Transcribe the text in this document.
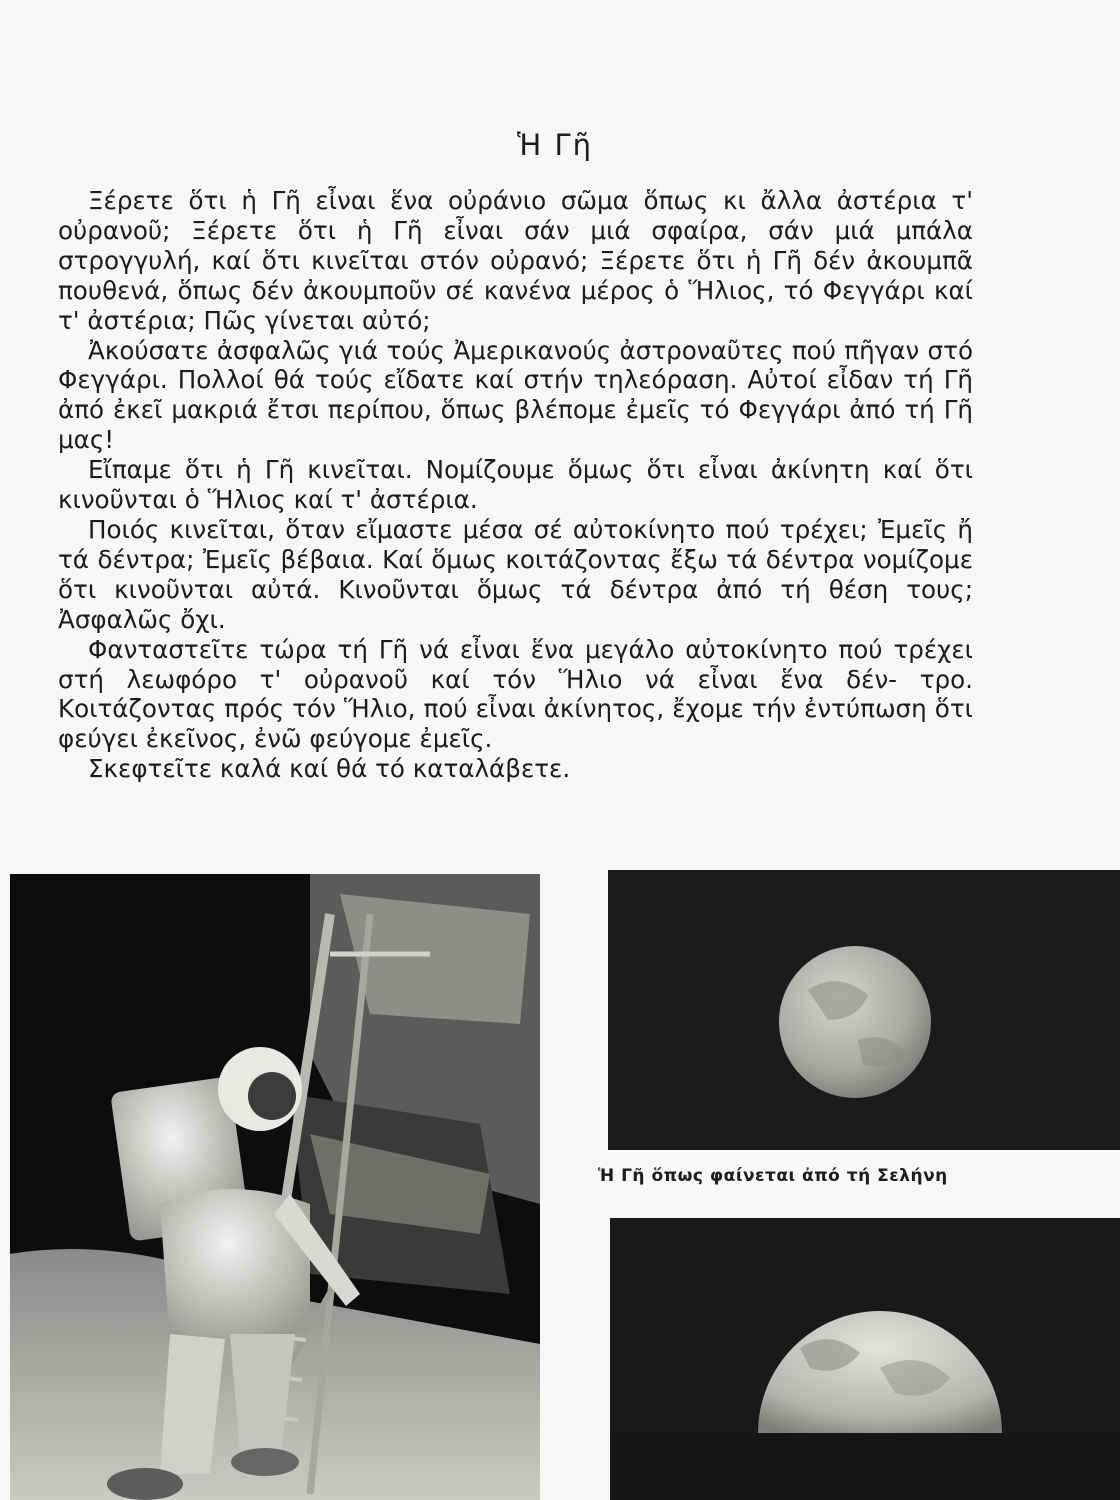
Ἡ Γῆ

Ξέρετε ὅτι ἡ Γῆ εἶναι ἕνα οὐράνιο σῶμα ὅπως κι ἄλλα ἀστέρια τ' οὐρανοῦ; Ξέρετε ὅτι ἡ Γῆ εἶναι σάν μιά σφαίρα, σάν μιά μπάλα στρογγυλή, καί ὅτι κινεῖται στόν οὐρανό; Ξέρετε ὅτι ἡ Γῆ δέν ἀκουμπᾶ πουθενά, ὅπως δέν ἀκουμποῦν σέ κανένα μέρος ὁ Ἥλιος, τό Φεγγάρι καί τ' ἀστέρια; Πῶς γίνεται αὐτό;

Ἀκούσατε ἀσφαλῶς γιά τούς Ἀμερικανούς ἀστροναῦτες πού πῆγαν στό Φεγγάρι. Πολλοί θά τούς εἴδατε καί στήν τηλεόραση. Αὐτοί εἶδαν τή Γῆ ἀπό ἐκεῖ μακριά ἔτσι περίπου, ὅπως βλέπομε ἐμεῖς τό Φεγγάρι ἀπό τή Γῆ μας!

Εἴπαμε ὅτι ἡ Γῆ κινεῖται. Νομίζουμε ὅμως ὅτι εἶναι ἀκίνητη καί ὅτι κινοῦνται ὁ Ἥλιος καί τ' ἀστέρια.

Ποιός κινεῖται, ὅταν εἴμαστε μέσα σέ αὐτοκίνητο πού τρέχει; Ἐμεῖς ἤ τά δέντρα; Ἐμεῖς βέβαια. Καί ὅμως κοιτάζοντας ἔξω τά δέντρα νομίζομε ὅτι κινοῦνται αὐτά. Κινοῦνται ὅμως τά δέντρα ἀπό τή θέση τους; Ἀσφαλῶς ὄχι.

Φανταστεῖτε τώρα τή Γῆ νά εἶναι ἕνα μεγάλο αὐτοκίνητο πού τρέχει στή λεωφόρο τ' οὐρανοῦ καί τόν Ἥλιο νά εἶναι ἕνα δέν- τρο. Κοιτάζοντας πρός τόν Ἥλιο, πού εἶναι ἀκίνητος, ἔχομε τήν ἐντύπωση ὅτι φεύγει ἐκεῖνος, ἐνῶ φεύγομε ἐμεῖς.

Σκεφτεῖτε καλά καί θά τό καταλάβετε.

Ἡ Γῆ ὅπως φαίνεται ἀπό τή Σελήνη
